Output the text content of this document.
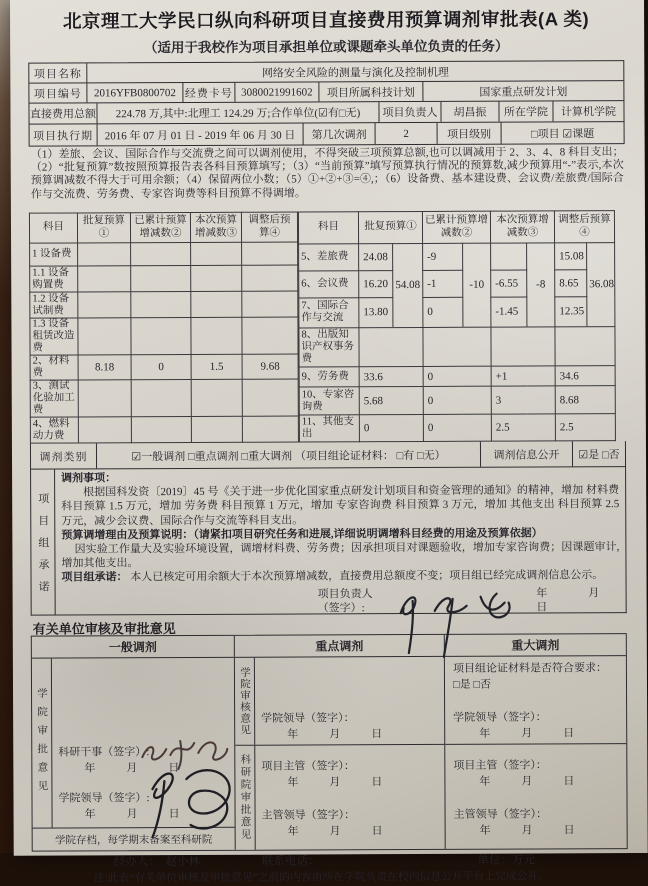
北京理工大学民口纵向科研项目直接费用预算调剂审批表(A 类)
（适用于我校作为项目承担单位或课题牵头单位负责的任务）
项目名称	网络安全风险的测量与演化及控制机理
项目编号	2016YFB0800702 经费卡号 3080021991602	项目所属科技计划	国家重点研发计划
直接费用总额	224.78 万,其中:北理工 124.29 万;合作单位(☑有□无)	项目负责人	胡昌振	所在学院	计算机学院
项目执行期	2016 年 07 月 01 日 - 2019 年 06 月 30 日	第几次调剂	2	项目级别	□项目 ☑课题
（1）差旅、会议、国际合作与交流费之间可以调剂使用，不得突破三项预算总额,也可以调减用于 2、3、4、8 科目支出；（2）“批复预算”数按照预算报告表各科目预算填写；（3）“当前预算”填写预算执行情况的预算数,减少预算用“-”表示,本次预算调减数不得大于可用余额；（4）保留两位小数；（5）①+②+③=④,；（6）设备费、基本建设费、会议费/差旅费/国际合作与交流费、劳务费、专家咨询费等科目预算不得调增。
科目	批复预算①	已累计预算增减数②	本次预算增减数③	调整后预算④
1 设备费				
1.1 设备购置费				
1.2 设备试制费				
1.3 设备租赁改造费				
2、材料费	8.18	0	1.5	9.68
3、测试化验加工费				
4、燃料动力费				
科目	批复预算①		已累计预算增减数②		本次预算增减数③		调整后预算④	
5、差旅费	24.08	54.08	-9	-10		-8	15.08	36.08
6、会议费	16.20		-1		-6.55		8.65	
7、国际合作与交流	13.80		0		-1.45		12.35	
8、出版知识产权事务费								
9、劳务费	33.6		0		+1		34.6	
10、专家咨询费	5.68		0		3		8.68	
11、其他支出	0		0		2.5		2.5	
调剂类别	☑一般调剂 □重点调剂 □重大调剂 （项目组论证材料： □有 □无）	调剂信息公开	☑是 □否
项目组承诺
调剂事项：
根据国科发资〔2019〕45 号《关于进一步优化国家重点研发计划项目和资金管理的通知》的精神，增加 材料费 科目预算 1.5 万元，增加 劳务费 科目预算 1 万元，增加 专家咨询费 科目预算 3 万元，增加 其他支出 科目预算 2.5 万元，减少会议费、国际合作与交流等科目支出。
预算调增理由及预算说明：（请紧扣项目研究任务和进展,详细说明调增科目经费的用途及预算依据）
因实验工作量大及实验环境设置，调增材料费、劳务费；因承担项目对课题验收，增加专家咨询费；因课题审计,增加其他支出。
项目组承诺： 本人已核定可用余额大于本次预算增减数，直接费用总额度不变；项目组已经完成调剂信息公示。
项目负责人（签字）:
年　　　月　　　日
有关单位审核及审批意见
一般调剂	重点调剂	重大调剂
学院审批意见 科研干事（签字）:
年　　月　　日
学院领导（签字）:
年　　月　　日
学院存档，每学期末备案至科研院
学院审核意见 学院领导（签字）：
年　　月　　日
科研院审批意见 项目主管（签字）：
年　　月　　日
主管领导（签字）：
年　　月　　日
项目组论证材料是否符合要求：
□是 □否
学院领导（签字）：
年　　月　　日
项目主管（签字）：
年　　月　　日
主管领导（签字）：
年　　月　　日
经办人：　赵小林	联系电话：	单位：万元
注:此表“有关单位审核及审批意见”之前的内容由所在学院负责在校内信息公开平台上完成公开。
